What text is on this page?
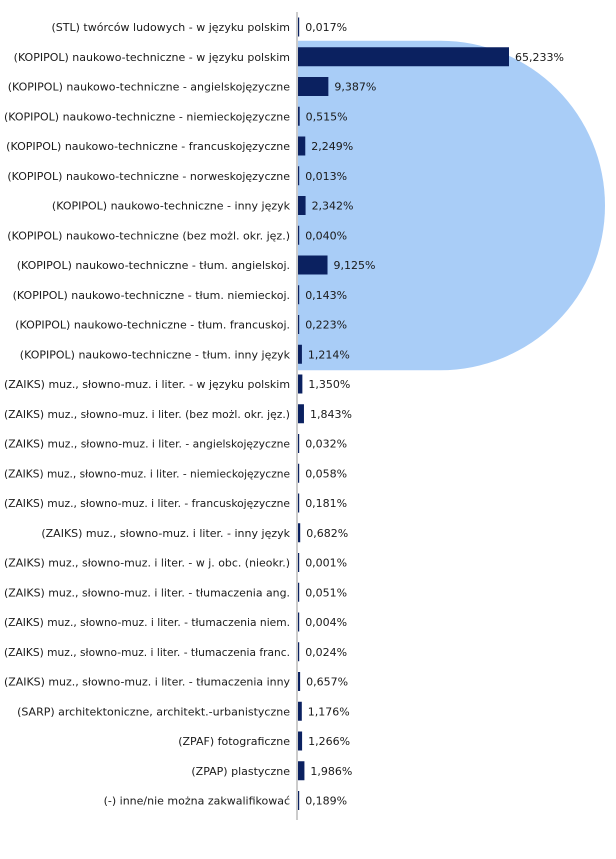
(STL) twórców ludowych - w języku polskim
(KOPIPOL) naukowo-techniczne - w języku polskim
(KOPIPOL) naukowo-techniczne - angielskojęzyczne
(KOPIPOL) naukowo-techniczne - niemieckojęzyczne
(KOPIPOL) naukowo-techniczne - francuskojęzyczne
(KOPIPOL) naukowo-techniczne - norweskojęzyczne
(KOPIPOL) naukowo-techniczne - inny język
(KOPIPOL) naukowo-techniczne (bez możl. okr. jęz.)
(KOPIPOL) naukowo-techniczne - tłum. angielskoj.
(KOPIPOL) naukowo-techniczne - tłum. niemieckoj.
(KOPIPOL) naukowo-techniczne - tłum. francuskoj.
(KOPIPOL) naukowo-techniczne - tłum. inny język
(ZAIKS) muz., słowno-muz. i liter. - w języku polskim
(ZAIKS) muz., słowno-muz. i liter. (bez możl. okr. jęz.)
(ZAIKS) muz., słowno-muz. i liter. - angielskojęzyczne
(ZAIKS) muz., słowno-muz. i liter. - niemieckojęzyczne
(ZAIKS) muz., słowno-muz. i liter. - francuskojęzyczne
(ZAIKS) muz., słowno-muz. i liter. - inny język
(ZAIKS) muz., słowno-muz. i liter. - w j. obc. (nieokr.)
(ZAIKS) muz., słowno-muz. i liter. - tłumaczenia ang.
(ZAIKS) muz., słowno-muz. i liter. - tłumaczenia niem.
(ZAIKS) muz., słowno-muz. i liter. - tłumaczenia franc.
(ZAIKS) muz., słowno-muz. i liter. - tłumaczenia inny
(SARP) architektoniczne, architekt.-urbanistyczne
(ZPAF) fotograficzne
(ZPAP) plastyczne
(-) inne/nie można zakwalifikować
0,017%
65,233%
9,387%
0,515%
2,249%
0,013%
2,342%
0,040%
9,125%
0,143%
0,223%
1,214%
1,350%
1,843%
0,032%
0,058%
0,181%
0,682%
0,001%
0,051%
0,004%
0,024%
0,657%
1,176%
1,266%
1,986%
0,189%
